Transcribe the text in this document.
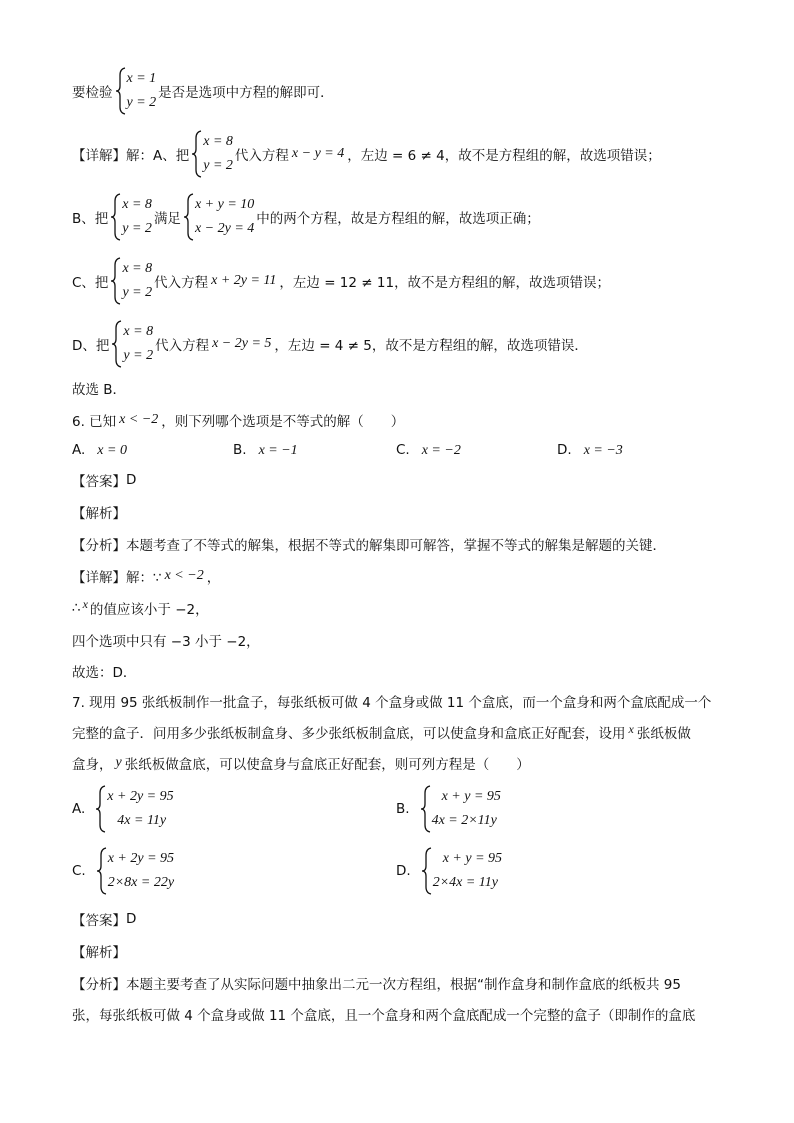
要检验
x = 1
y = 2
是否是选项中方程的解即可．
【详解】 解：A、把
x = 8
y = 2
代入方程 x − y = 4 ，左边 = 6 ≠ 4 ，故不是方程组的解，故选项错误；
B、把
x = 8
y = 2
满足
x + y = 10
x − 2y = 4
中的两个方程，故是方程组的解，故选项正确；
C、把
x = 8
y = 2
代入方程 x + 2y = 11 ，左边 = 12 ≠ 11 ，故不是方程组的解，故选项错误；
D、把
x = 8
y = 2
代入方程 x − 2y = 5 ，左边 = 4 ≠ 5 ，故不是方程组的解，故选项错误．
故选 B．
6. 已知 x < −2 ，则下列哪个选项是不等式的解（　　）
A. x = 0	B. x = −1	C. x = −2	D. x = −3
【答案】 D
【解析】
【分析】 本题考查了不等式的解集，根据不等式的解集即可解答，掌握不等式的解集是解题的关键．
【详解】 解：∵ x < −2 ，
∴ x 的值应该小于 −2，
四个选项中只有 −3 小于 −2，
故选：D．
7. 现用 95 张纸板制作一批盒子，每张纸板可做 4 个盒身或做 11 个盒底，而一个盒身和两个盒底配成一个
完整的盒子．问用多少张纸板制盒身、多少张纸板制盒底，可以使盒身和盒底正好配套，设用 x 张纸板做
盒身， y 张纸板做盒底，可以使盒身与盒底正好配套，则可列方程是（　　）
A.
x + 2y = 95
4x = 11y
B.
x + y = 95
4x = 2×11y
C.
x + 2y = 95
2×8x = 22y
D.
x + y = 95
2×4x = 11y
【答案】 D
【解析】
【分析】 本题主要考查了从实际问题中抽象出二元一次方程组，根据“制作盒身和制作盒底的纸板共 95
张，每张纸板可做 4 个盒身或做 11 个盒底，且一个盒身和两个盒底配成一个完整的盒子（即制作的盒底
